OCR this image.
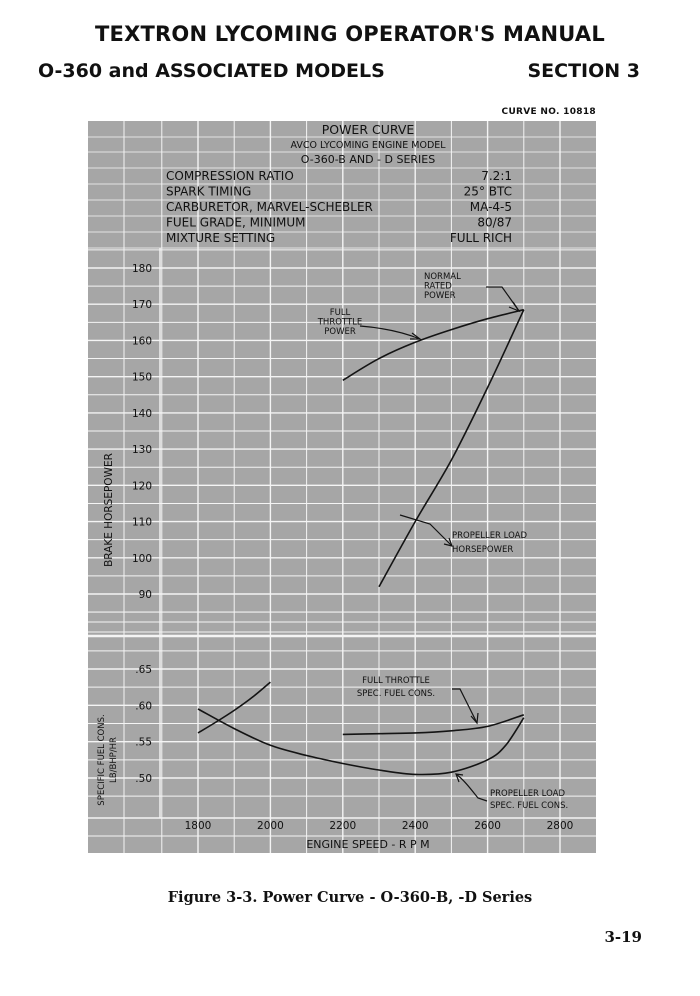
TEXTRON LYCOMING OPERATOR'S MANUAL
O-360 and ASSOCIATED MODELS	SECTION 3
CURVE NO. 10818
POWER CURVE
AVCO LYCOMING ENGINE MODEL
O-360-B AND - D SERIES
COMPRESSION RATIO	7.2:1
SPARK TIMING	25° BTC
CARBURETOR, MARVEL-SCHEBLER	MA-4-5
FUEL GRADE, MINIMUM	80/87
MIXTURE SETTING	FULL RICH
180
170
160
150
140
130
120
110
100
90
.65
.60
.55
.50
1800	2000	2200	2400	2600	2800
ENGINE SPEED - R P M
BRAKE HORSEPOWER
SPECIFIC FUEL CONS. LB/BHP/HR
NORMAL
RATED
POWER
FULL
THROTTLE
POWER
PROPELLER LOAD
HORSEPOWER
FULL THROTTLE
SPEC. FUEL CONS.
PROPELLER LOAD
SPEC. FUEL CONS.
Figure 3-3. Power Curve - O-360-B, -D Series
3-19
